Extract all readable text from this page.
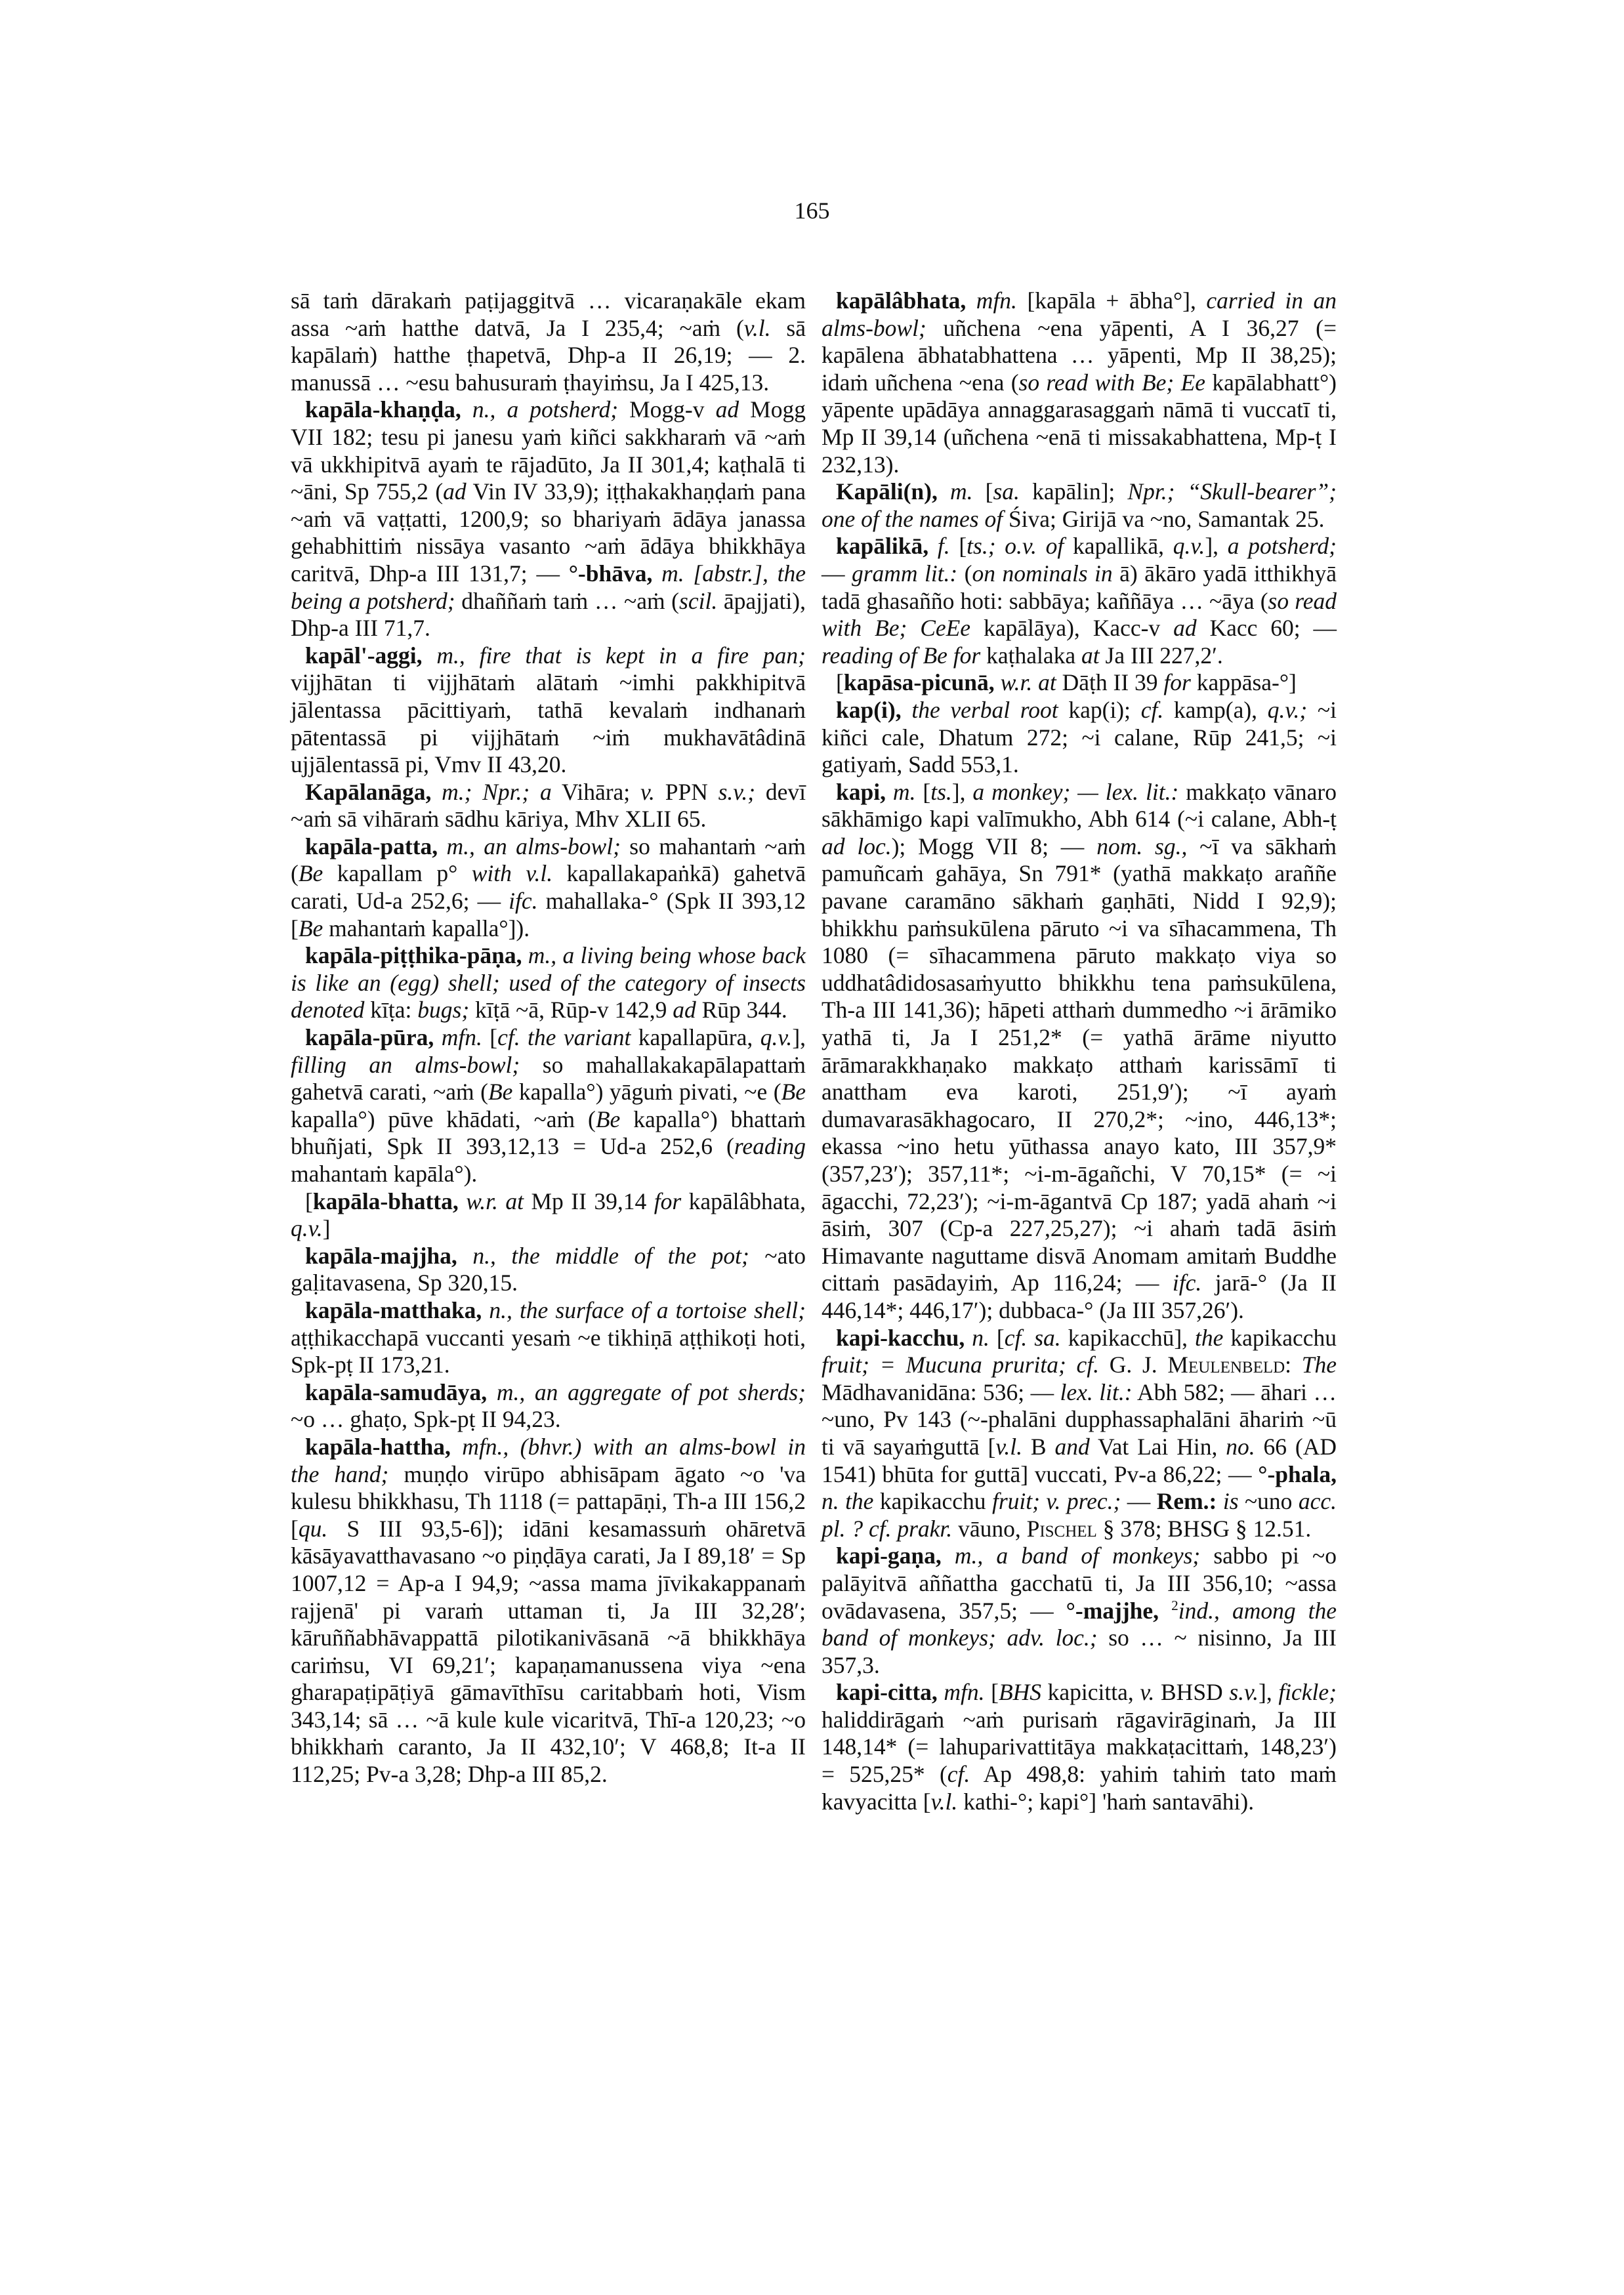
165

sā taṁ dārakaṁ paṭijaggitvā … vicaraṇakāle ekam assa ~aṁ hatthe datvā, Ja I 235,4; ~aṁ (v.l. sā kapālaṁ) hatthe ṭhapetvā, Dhp-a II 26,19; — 2. manussā … ~esu bahusuraṁ ṭhayiṁsu, Ja I 425,13.

kapāla-khaṇḍa, n., a potsherd; Mogg-v ad Mogg VII 182; tesu pi janesu yaṁ kiñci sakkharaṁ vā ~aṁ vā ukkhipitvā ayaṁ te rājadūto, Ja II 301,4; kaṭhalā ti ~āni, Sp 755,2 (ad Vin IV 33,9); iṭṭhakakhaṇḍaṁ pana ~aṁ vā vaṭṭatti, 1200,9; so bhariyaṁ ādāya janassa gehabhittiṁ nissāya vasanto ~aṁ ādāya bhikkhāya caritvā, Dhp-a III 131,7; — °-bhāva, m. [abstr.], the being a potsherd; dhaññaṁ taṁ … ~aṁ (scil. āpajjati), Dhp-a III 71,7.

kapāl'-aggi, m., fire that is kept in a fire pan; vijjhātan ti vijjhātaṁ alātaṁ ~imhi pakkhipitvā jālentassa pācittiyaṁ, tathā kevalaṁ indhanaṁ pātentassā pi vijjhātaṁ ~iṁ mukhavātâdinā ujjālentassā pi, Vmv II 43,20.

Kapālanāga, m.; Npr.; a Vihāra; v. PPN s.v.; devī ~aṁ sā vihāraṁ sādhu kāriya, Mhv XLII 65.

kapāla-patta, m., an alms-bowl; so mahantaṁ ~aṁ (Be kapallam p° with v.l. kapallakapaṅkā) gahetvā carati, Ud-a 252,6; — ifc. mahallaka-° (Spk II 393,12 [Be mahantaṁ kapalla°]).

kapāla-piṭṭhika-pāṇa, m., a living being whose back is like an (egg) shell; used of the category of insects denoted kīṭa: bugs; kīṭā ~ā, Rūp-v 142,9 ad Rūp 344.

kapāla-pūra, mfn. [cf. the variant kapallapūra, q.v.], filling an alms-bowl; so mahallakakapālapattaṁ gahetvā carati, ~aṁ (Be kapalla°) yāguṁ pivati, ~e (Be kapalla°) pūve khādati, ~aṁ (Be kapalla°) bhattaṁ bhuñjati, Spk II 393,12,13 = Ud-a 252,6 (reading mahantaṁ kapāla°).

[kapāla-bhatta, w.r. at Mp II 39,14 for kapālâbhata, q.v.]

kapāla-majjha, n., the middle of the pot; ~ato gaḷitavasena, Sp 320,15.

kapāla-matthaka, n., the surface of a tortoise shell; aṭṭhikacchapā vuccanti yesaṁ ~e tikhiṇā aṭṭhikoṭi hoti, Spk-pṭ II 173,21.

kapāla-samudāya, m., an aggregate of pot sherds; ~o … ghaṭo, Spk-pṭ II 94,23.

kapāla-hattha, mfn., (bhvr.) with an alms-bowl in the hand; muṇḍo virūpo abhisāpam āgato ~o 'va kulesu bhikkhasu, Th 1118 (= pattapāṇi, Th-a III 156,2 [qu. S III 93,5-6]); idāni kesamassuṁ ohāretvā kāsāyavatthavasano ~o piṇḍāya carati, Ja I 89,18′ = Sp 1007,12 = Ap-a I 94,9; ~assa mama jīvikakappanaṁ rajjenā' pi varaṁ uttaman ti, Ja III 32,28′; kāruññabhāvappattā pilotikanivāsanā ~ā bhikkhāya cariṁsu, VI 69,21′; kapaṇamanussena viya ~ena gharapaṭipāṭiyā gāmavīthīsu caritabbaṁ hoti, Vism 343,14; sā … ~ā kule kule vicaritvā, Thī-a 120,23; ~o bhikkhaṁ caranto, Ja II 432,10′; V 468,8; It-a II 112,25; Pv-a 3,28; Dhp-a III 85,2.

kapālâbhata, mfn. [kapāla + ābha°], carried in an alms-bowl; uñchena ~ena yāpenti, A I 36,27 (= kapālena ābhatabhattena … yāpenti, Mp II 38,25); idaṁ uñchena ~ena (so read with Be; Ee kapālabhatt°) yāpente upādāya annaggarasaggaṁ nāmā ti vuccatī ti, Mp II 39,14 (uñchena ~enā ti missakabhattena, Mp-ṭ I 232,13).

Kapāli(n), m. [sa. kapālin]; Npr.; “Skull-bearer”; one of the names of Śiva; Girijā va ~no, Samantak 25.

kapālikā, f. [ts.; o.v. of kapallikā, q.v.], a potsherd; — gramm lit.: (on nominals in ā) ākāro yadā itthikhyā tadā ghasañño hoti: sabbāya; kaññāya … ~āya (so read with Be; CeEe kapālāya), Kacc-v ad Kacc 60; — reading of Be for kaṭhalaka at Ja III 227,2′.

[kapāsa-picunā, w.r. at Dāṭh II 39 for kappāsa-°]

kap(i), the verbal root kap(i); cf. kamp(a), q.v.; ~i kiñci cale, Dhatum 272; ~i calane, Rūp 241,5; ~i gatiyaṁ, Sadd 553,1.

kapi, m. [ts.], a monkey; — lex. lit.: makkaṭo vānaro sākhāmigo kapi valīmukho, Abh 614 (~i calane, Abh-ṭ ad loc.); Mogg VII 8; — nom. sg., ~ī va sākhaṁ pamuñcaṁ gahāya, Sn 791* (yathā makkaṭo araññe pavane caramāno sākhaṁ gaṇhāti, Nidd I 92,9); bhikkhu paṁsukūlena pāruto ~i va sīhacammena, Th 1080 (= sīhacammena pāruto makkaṭo viya so uddhatâdidosasaṁyutto bhikkhu tena paṁsukūlena, Th-a III 141,36); hāpeti atthaṁ dummedho ~i ārāmiko yathā ti, Ja I 251,2* (= yathā ārāme niyutto ārāmarakkhaṇako makkaṭo atthaṁ karissāmī ti anattham eva karoti, 251,9′); ~ī ayaṁ dumavarasākhagocaro, II 270,2*; ~ino, 446,13*; ekassa ~ino hetu yūthassa anayo kato, III 357,9* (357,23′); 357,11*; ~i-m-āgañchi, V 70,15* (= ~i āgacchi, 72,23′); ~i-m-āgantvā Cp 187; yadā ahaṁ ~i āsiṁ, 307 (Cp-a 227,25,27); ~i ahaṁ tadā āsiṁ Himavante naguttame disvā Anomam amitaṁ Buddhe cittaṁ pasādayiṁ, Ap 116,24; — ifc. jarā-° (Ja II 446,14*; 446,17′); dubbaca-° (Ja III 357,26′).

kapi-kacchu, n. [cf. sa. kapikacchū], the kapikacchu fruit; = Mucuna prurita; cf. G. J. Meulenbeld: The Mādhavanidāna: 536; — lex. lit.: Abh 582; — āhari … ~uno, Pv 143 (~-phalāni dupphassaphalāni āhariṁ ~ū ti vā sayaṁguttā [v.l. B and Vat Lai Hin, no. 66 (AD 1541) bhūta for guttā] vuccati, Pv-a 86,22; — °-phala, n. the kapikacchu fruit; v. prec.; — Rem.: is ~uno acc. pl. ? cf. prakr. vāuno, Pischel § 378; BHSG § 12.51.

kapi-gaṇa, m., a band of monkeys; sabbo pi ~o palāyitvā aññattha gacchatū ti, Ja III 356,10; ~assa ovādavasena, 357,5; — °-majjhe, $^2$ind., among the band of monkeys; adv. loc.; so … ~ nisinno, Ja III 357,3.

kapi-citta, mfn. [BHS kapicitta, v. BHSD s.v.], fickle; haliddirāgaṁ ~aṁ purisaṁ rāgavirāginaṁ, Ja III 148,14* (= lahuparivattitāya makkaṭacittaṁ, 148,23′) = 525,25* (cf. Ap 498,8: yahiṁ tahiṁ tato maṁ kavyacitta [v.l. kathi-°; kapi°] 'haṁ santavāhi).
